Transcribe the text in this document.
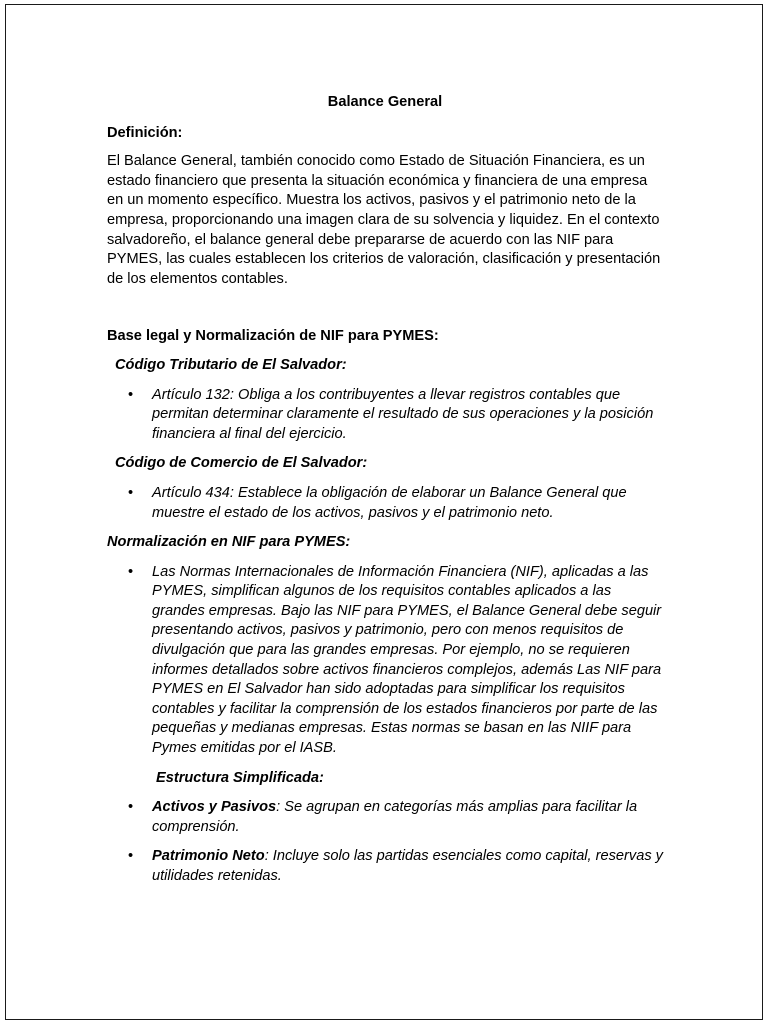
Balance General
Definición:

El Balance General, también conocido como Estado de Situación Financiera, es un estado financiero que presenta la situación económica y financiera de una empresa en un momento específico. Muestra los activos, pasivos y el patrimonio neto de la empresa, proporcionando una imagen clara de su solvencia y liquidez. En el contexto salvadoreño, el balance general debe prepararse de acuerdo con las NIF para PYMES, las cuales establecen los criterios de valoración, clasificación y presentación de los elementos contables.

Base legal y Normalización de NIF para PYMES:
Código Tributario de El Salvador:
• Artículo 132: Obliga a los contribuyentes a llevar registros contables que permitan determinar claramente el resultado de sus operaciones y la posición financiera al final del ejercicio.
Código de Comercio de El Salvador:
• Artículo 434: Establece la obligación de elaborar un Balance General que muestre el estado de los activos, pasivos y el patrimonio neto.
Normalización en NIF para PYMES:
• Las Normas Internacionales de Información Financiera (NIF), aplicadas a las PYMES, simplifican algunos de los requisitos contables aplicados a las grandes empresas. Bajo las NIF para PYMES, el Balance General debe seguir presentando activos, pasivos y patrimonio, pero con menos requisitos de divulgación que para las grandes empresas. Por ejemplo, no se requieren informes detallados sobre activos financieros complejos, además Las NIF para PYMES en El Salvador han sido adoptadas para simplificar los requisitos contables y facilitar la comprensión de los estados financieros por parte de las pequeñas y medianas empresas. Estas normas se basan en las NIIF para Pymes emitidas por el IASB.
Estructura Simplificada:
• Activos y Pasivos: Se agrupan en categorías más amplias para facilitar la comprensión.
• Patrimonio Neto: Incluye solo las partidas esenciales como capital, reservas y utilidades retenidas.
